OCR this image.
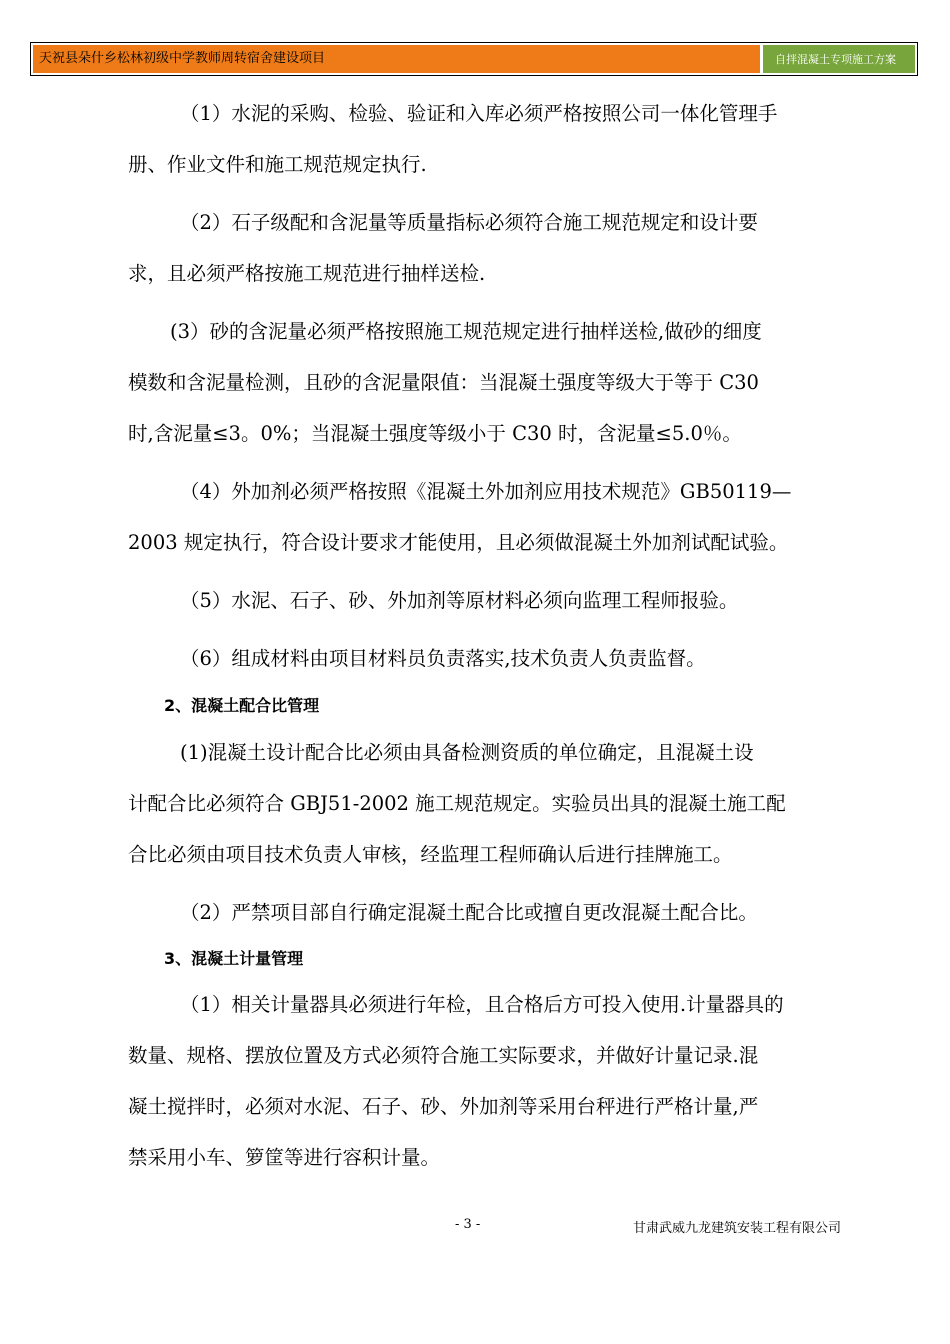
天祝县朵什乡松林初级中学教师周转宿舍建设项目	自拌混凝土专项施工方案
（1）水泥的采购、检验、验证和入库必须严格按照公司一体化管理手
册、作业文件和施工规范规定执行.
（2）石子级配和含泥量等质量指标必须符合施工规范规定和设计要
求，且必须严格按施工规范进行抽样送检.
(3）砂的含泥量必须严格按照施工规范规定进行抽样送检,做砂的细度
模数和含泥量检测，且砂的含泥量限值：当混凝土强度等级大于等于 C30
时,含泥量≤3。0%；当混凝土强度等级小于 C30 时，含泥量≤5.0％。
（4）外加剂必须严格按照《混凝土外加剂应用技术规范》GB50119—
2003 规定执行，符合设计要求才能使用，且必须做混凝土外加剂试配试验。
（5）水泥、石子、砂、外加剂等原材料必须向监理工程师报验。
（6）组成材料由项目材料员负责落实,技术负责人负责监督。
2、混凝土配合比管理
(1)混凝土设计配合比必须由具备检测资质的单位确定，且混凝土设
计配合比必须符合 GBJ51-2002 施工规范规定。实验员出具的混凝土施工配
合比必须由项目技术负责人审核，经监理工程师确认后进行挂牌施工。
（2）严禁项目部自行确定混凝土配合比或擅自更改混凝土配合比。
3、混凝土计量管理
（1）相关计量器具必须进行年检，且合格后方可投入使用.计量器具的
数量、规格、摆放位置及方式必须符合施工实际要求，并做好计量记录.混
凝土搅拌时，必须对水泥、石子、砂、外加剂等采用台秤进行严格计量,严
禁采用小车、箩筐等进行容积计量。
- 3 -	甘肃武威九龙建筑安装工程有限公司
